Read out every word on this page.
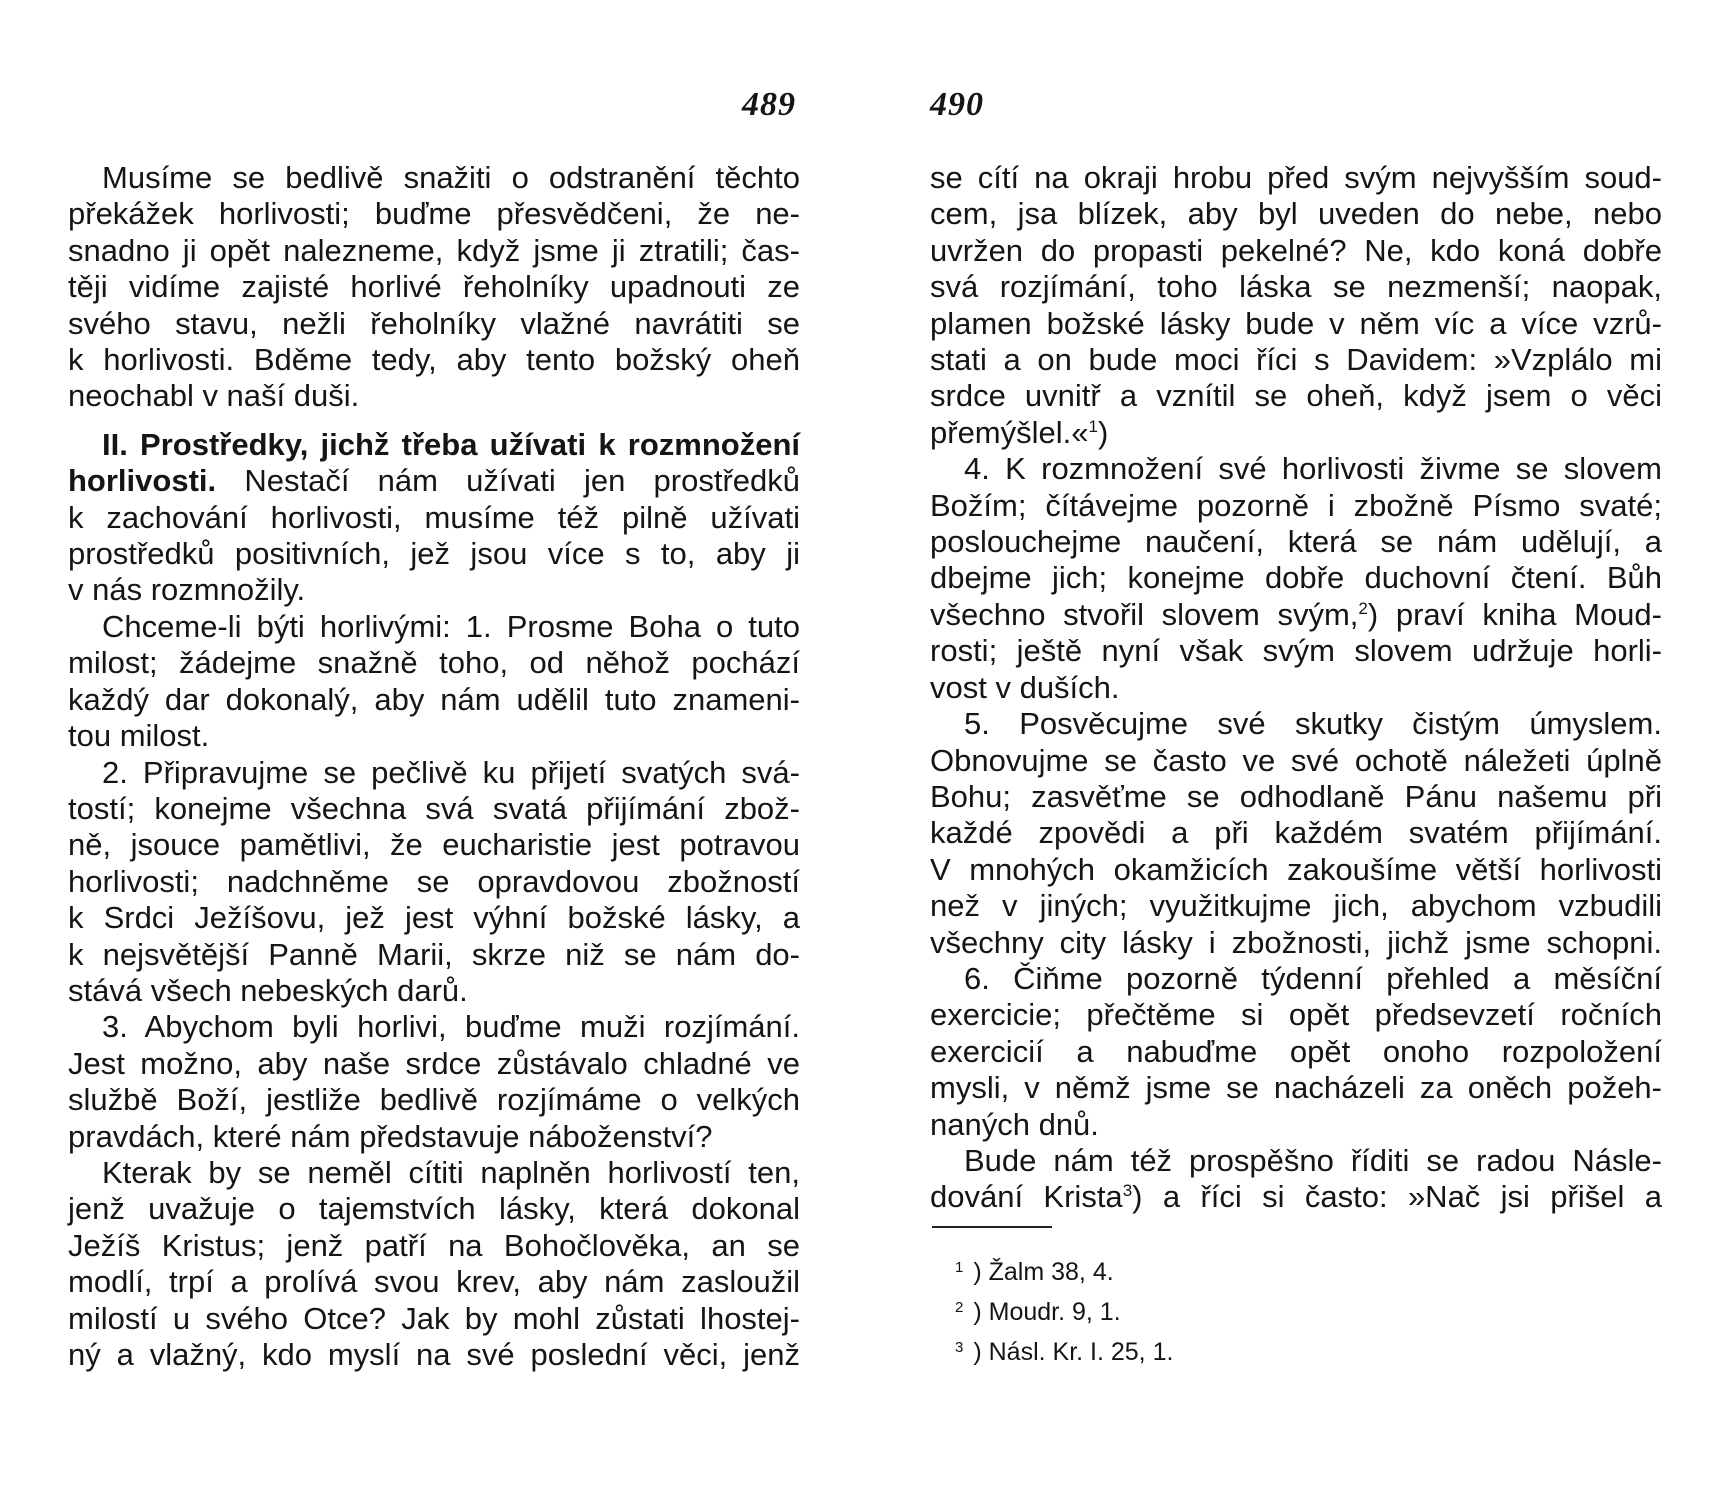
489	490

Musíme se bedlivě snažiti o odstranění těchto
překážek horlivosti; buďme přesvědčeni, že ne-
snadno ji opět nalezneme, když jsme ji ztratili; čas-
těji vidíme zajisté horlivé řeholníky upadnouti ze
svého stavu, nežli řeholníky vlažné navrátiti se
k horlivosti. Bděme tedy, aby tento božský oheň
neochabl v naší duši.

II. Prostředky, jichž třeba užívati k rozmnožení
horlivosti. Nestačí nám užívati jen prostředků
k zachování horlivosti, musíme též pilně užívati
prostředků positivních, jež jsou více s to, aby ji
v nás rozmnožily.

Chceme-li býti horlivými: 1. Prosme Boha o tuto
milost; žádejme snažně toho, od něhož pochází
každý dar dokonalý, aby nám udělil tuto znameni-
tou milost.

2. Připravujme se pečlivě ku přijetí svatých svá-
tostí; konejme všechna svá svatá přijímání zbož-
ně, jsouce pamětlivi, že eucharistie jest potravou
horlivosti; nadchněme se opravdovou zbožností
k Srdci Ježíšovu, jež jest výhní božské lásky, a
k nejsvětější Panně Marii, skrze niž se nám do-
stává všech nebeských darů.

3. Abychom byli horlivi, buďme muži rozjímání.
Jest možno, aby naše srdce zůstávalo chladné ve
službě Boží, jestliže bedlivě rozjímáme o velkých
pravdách, které nám představuje náboženství?

Kterak by se neměl cítiti naplněn horlivostí ten,
jenž uvažuje o tajemstvích lásky, která dokonal
Ježíš Kristus; jenž patří na Bohočlověka, an se
modlí, trpí a prolívá svou krev, aby nám zasloužil
milostí u svého Otce? Jak by mohl zůstati lhostej-
ný a vlažný, kdo myslí na své poslední věci, jenž

se cítí na okraji hrobu před svým nejvyšším soud-
cem, jsa blízek, aby byl uveden do nebe, nebo
uvržen do propasti pekelné? Ne, kdo koná dobře
svá rozjímání, toho láska se nezmenší; naopak,
plamen božské lásky bude v něm víc a více vzrů-
stati a on bude moci říci s Davidem: »Vzplálo mi
srdce uvnitř a vznítil se oheň, když jsem o věci
přemýšlel.«$^1$)

4. K rozmnožení své horlivosti živme se slovem
Božím; čítávejme pozorně i zbožně Písmo svaté;
poslouchejme naučení, která se nám udělují, a
dbejme jich; konejme dobře duchovní čtení. Bůh
všechno stvořil slovem svým,$^2$) praví kniha Moud-
rosti; ještě nyní však svým slovem udržuje horli-
vost v duších.

5. Posvěcujme své skutky čistým úmyslem.
Obnovujme se často ve své ochotě náležeti úplně
Bohu; zasvěťme se odhodlaně Pánu našemu při
každé zpovědi a při každém svatém přijímání.
V mnohých okamžicích zakoušíme větší horlivosti
než v jiných; využitkujme jich, abychom vzbudili
všechny city lásky i zbožnosti, jichž jsme schopni.

6. Čiňme pozorně týdenní přehled a měsíční
exercicie; přečtěme si opět předsevzetí ročních
exercicií a nabuďme opět onoho rozpoložení
mysli, v němž jsme se nacházeli za oněch požeh-
naných dnů.

Bude nám též prospěšno říditi se radou Násle-
dování Krista$^3$) a říci si často: »Nač jsi přišel a

$^1$ ) Žalm 38, 4.
$^2$ ) Moudr. 9, 1.
$^3$ ) Násl. Kr. I. 25, 1.
